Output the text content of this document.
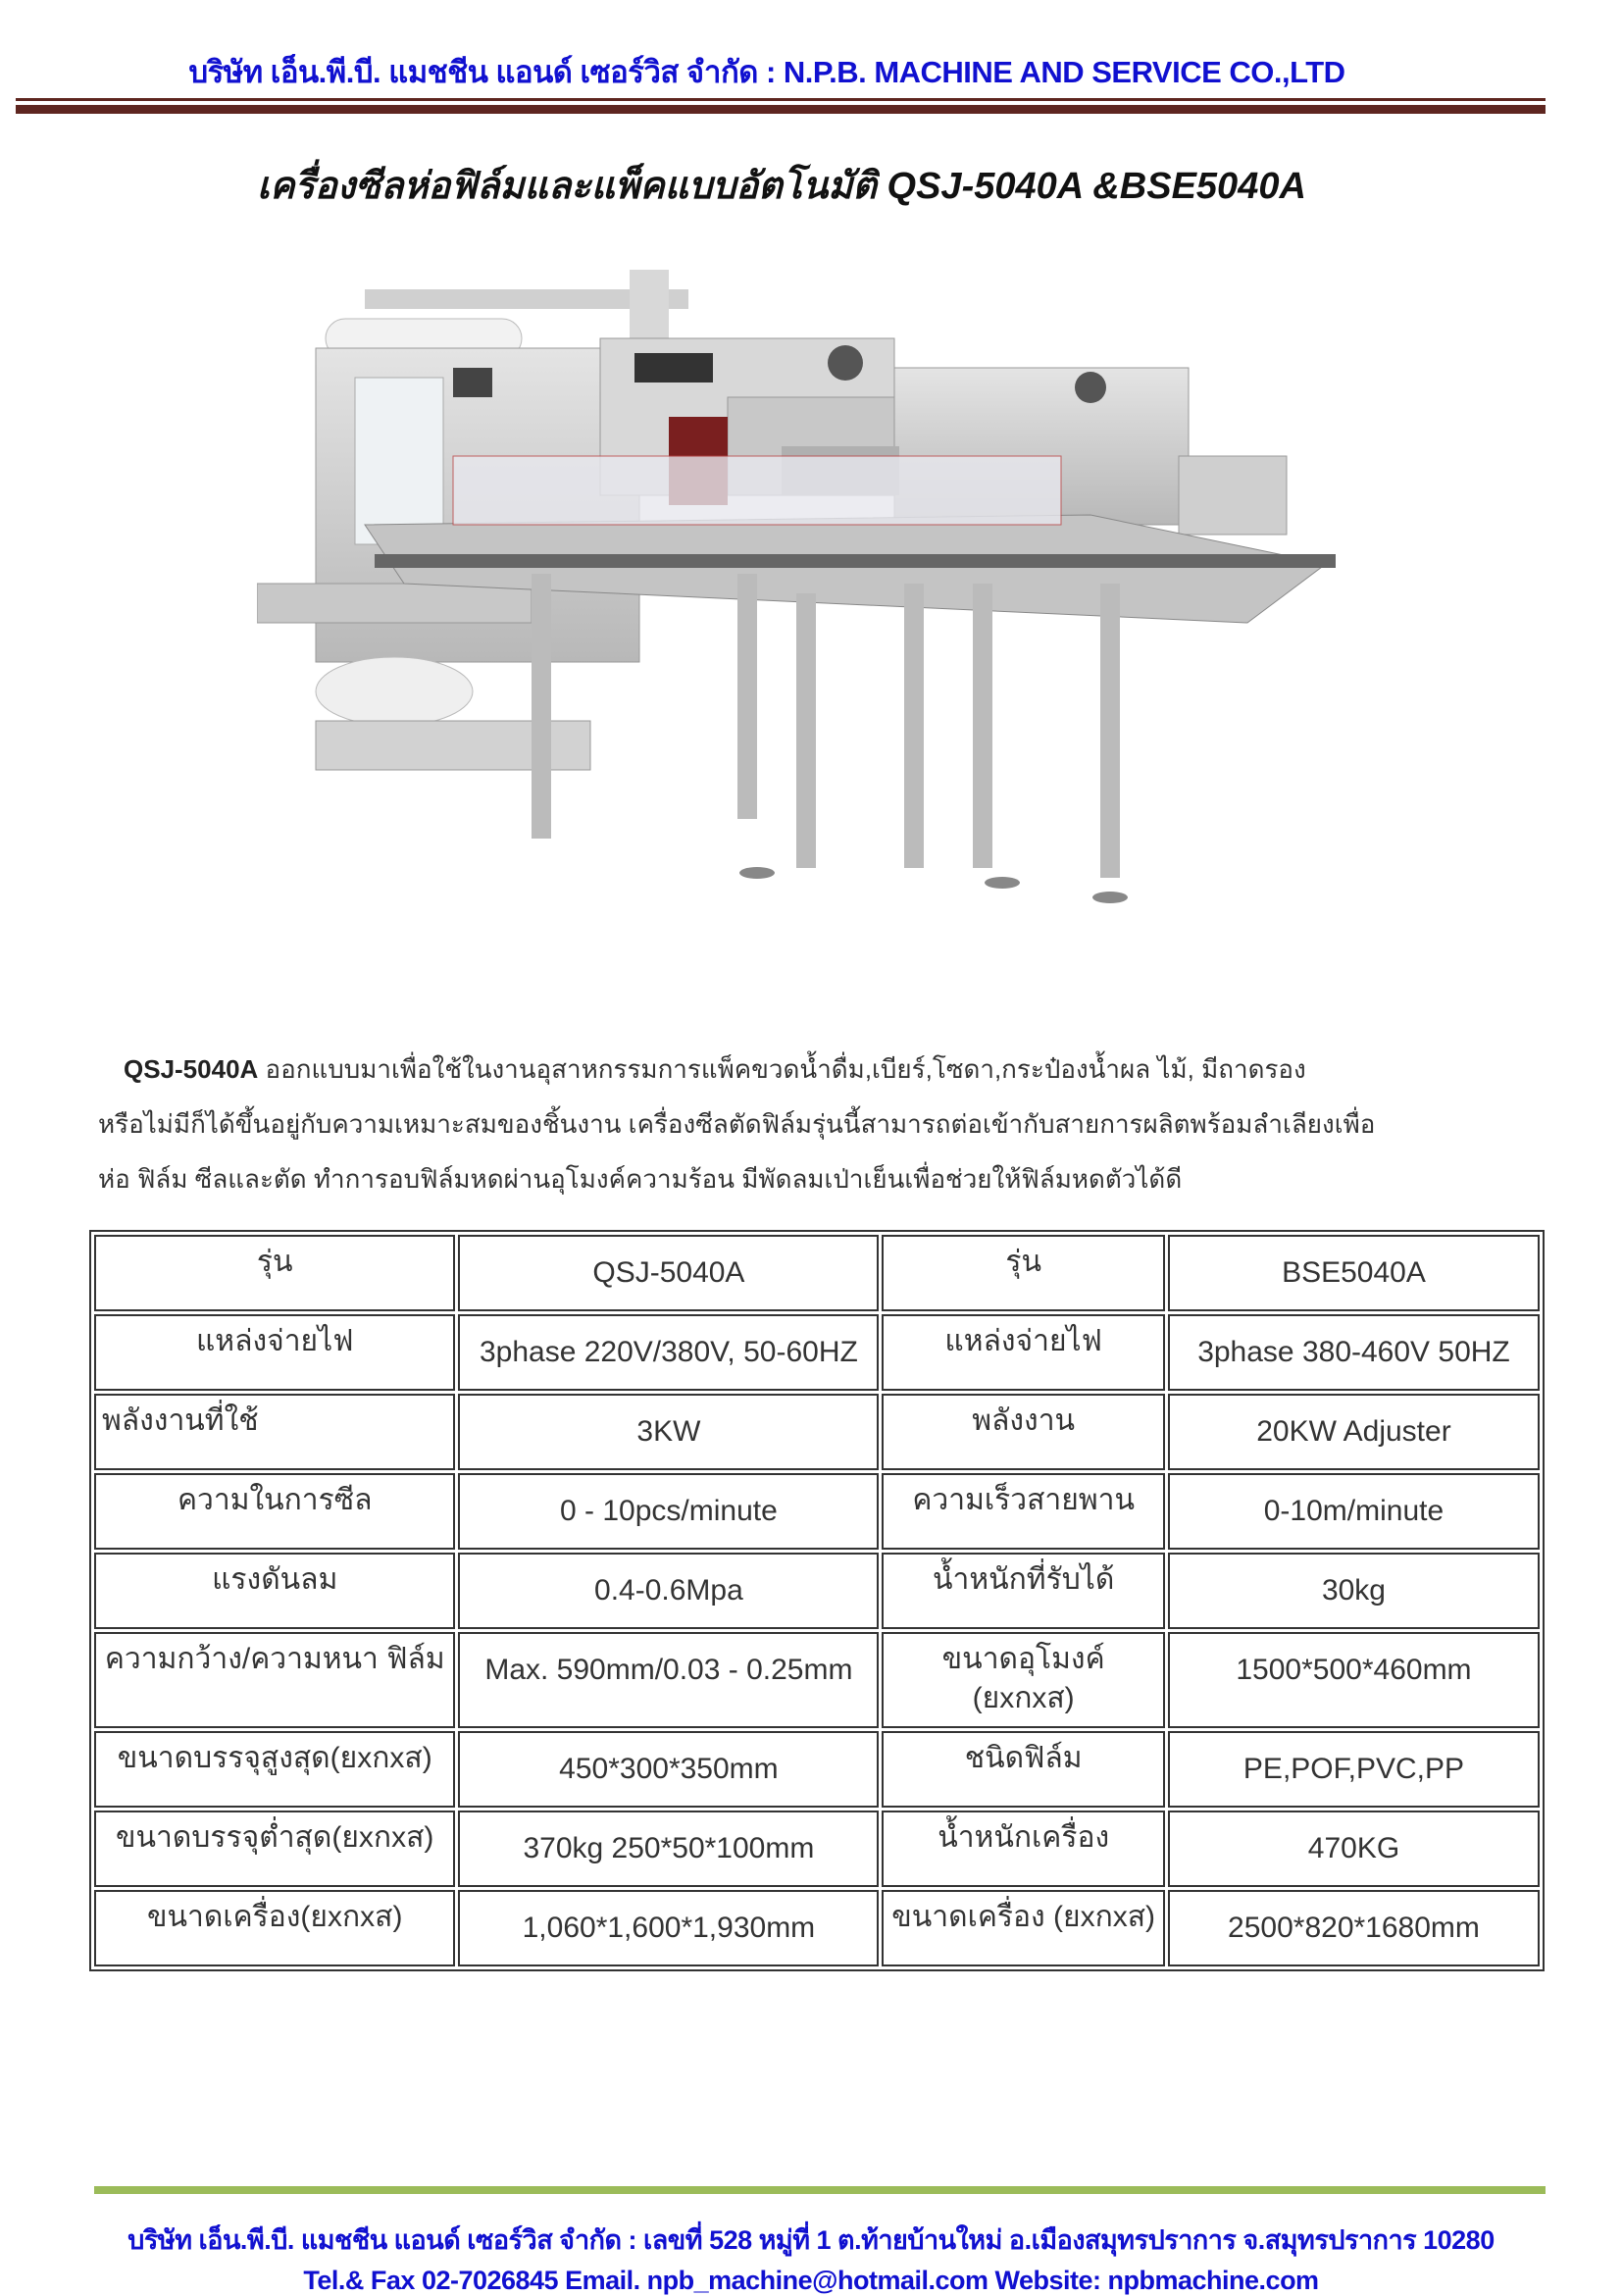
บริษัท เอ็น.พี.บี. แมชชีน แอนด์ เซอร์วิส จำกัด : N.P.B. MACHINE AND SERVICE CO.,LTD
เครื่องซีลห่อฟิล์มและแพ็คแบบอัตโนมัติ QSJ-5040A &BSE5040A
QSJ-5040A ออกแบบมาเพื่อใช้ในงานอุสาหกรรมการแพ็คขวดน้ำดื่ม,เบียร์,โซดา,กระป๋องน้ำผล ไม้, มีถาดรอง
หรือไม่มีก็ได้ขึ้นอยู่กับความเหมาะสมของชิ้นงาน เครื่องซีลตัดฟิล์มรุ่นนี้สามารถต่อเข้ากับสายการผลิตพร้อมลำเลียงเพื่อ
ห่อ ฟิล์ม ซีลและตัด ทำการอบฟิล์มหดผ่านอุโมงค์ความร้อน มีพัดลมเป่าเย็นเพื่อช่วยให้ฟิล์มหดตัวได้ดี
รุ่น	QSJ-5040A	รุ่น	BSE5040A
แหล่งจ่ายไฟ	3phase 220V/380V, 50-60HZ	แหล่งจ่ายไฟ	3phase 380-460V 50HZ
พลังงานที่ใช้	3KW	พลังงาน	20KW Adjuster
ความในการซีล	0 - 10pcs/minute	ความเร็วสายพาน	0-10m/minute
แรงดันลม	0.4-0.6Mpa	น้ำหนักที่รับได้	30kg
ความกว้าง/ความหนา ฟิล์ม	Max. 590mm/0.03 - 0.25mm	ขนาดอุโมงค์ (ยxกxส)	1500*500*460mm
ขนาดบรรจุสูงสุด(ยxกxส)	450*300*350mm	ชนิดฟิล์ม	PE,POF,PVC,PP
ขนาดบรรจุต่ำสุด(ยxกxส)	370kg 250*50*100mm	น้ำหนักเครื่อง	470KG
ขนาดเครื่อง(ยxกxส)	1,060*1,600*1,930mm	ขนาดเครื่อง (ยxกxส)	2500*820*1680mm
บริษัท เอ็น.พี.บี. แมชชีน แอนด์ เซอร์วิส จำกัด : เลขที่ 528 หมู่ที่ 1 ต.ท้ายบ้านใหม่ อ.เมืองสมุทรปราการ จ.สมุทรปราการ 10280
Tel.& Fax 02-7026845 Email. npb_machine@hotmail.com Website: npbmachine.com
